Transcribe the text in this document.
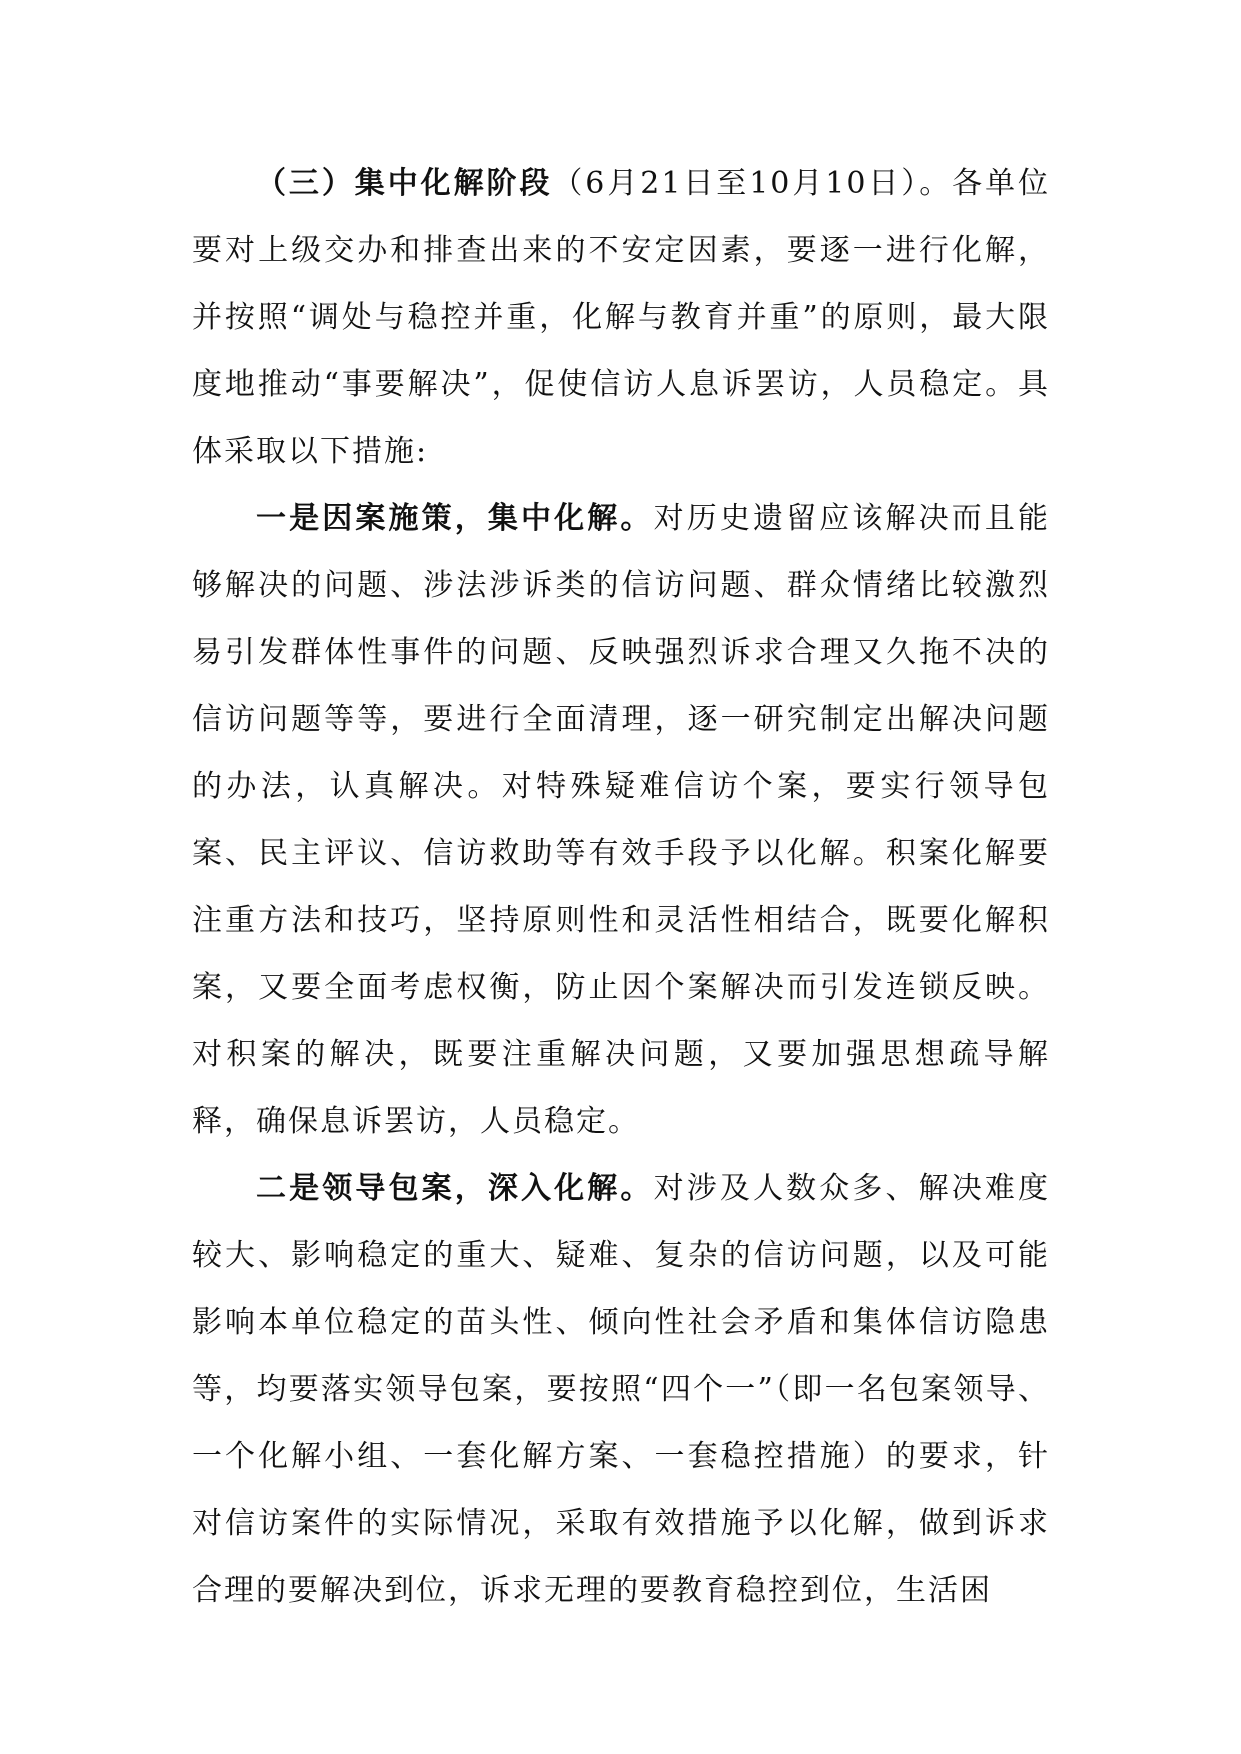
（三）集中化解阶段（6月21日至10月10日）。各单位要对上级交办和排查出来的不安定因素，要逐一进行化解，并按照“调处与稳控并重，化解与教育并重”的原则，最大限度地推动“事要解决”，促使信访人息诉罢访，人员稳定。具体采取以下措施:

一是因案施策，集中化解。对历史遗留应该解决而且能够解决的问题、涉法涉诉类的信访问题、群众情绪比较激烈易引发群体性事件的问题、反映强烈诉求合理又久拖不决的信访问题等等，要进行全面清理，逐一研究制定出解决问题的办法，认真解决。对特殊疑难信访个案，要实行领导包案、民主评议、信访救助等有效手段予以化解。积案化解要注重方法和技巧，坚持原则性和灵活性相结合，既要化解积案，又要全面考虑权衡，防止因个案解决而引发连锁反映。对积案的解决，既要注重解决问题，又要加强思想疏导解释，确保息诉罢访，人员稳定。

二是领导包案，深入化解。对涉及人数众多、解决难度较大、影响稳定的重大、疑难、复杂的信访问题，以及可能影响本单位稳定的苗头性、倾向性社会矛盾和集体信访隐患等，均要落实领导包案，要按照“四个一”（即一名包案领导、一个化解小组、一套化解方案、一套稳控措施）的要求，针对信访案件的实际情况，采取有效措施予以化解，做到诉求合理的要解决到位，诉求无理的要教育稳控到位，生活困
